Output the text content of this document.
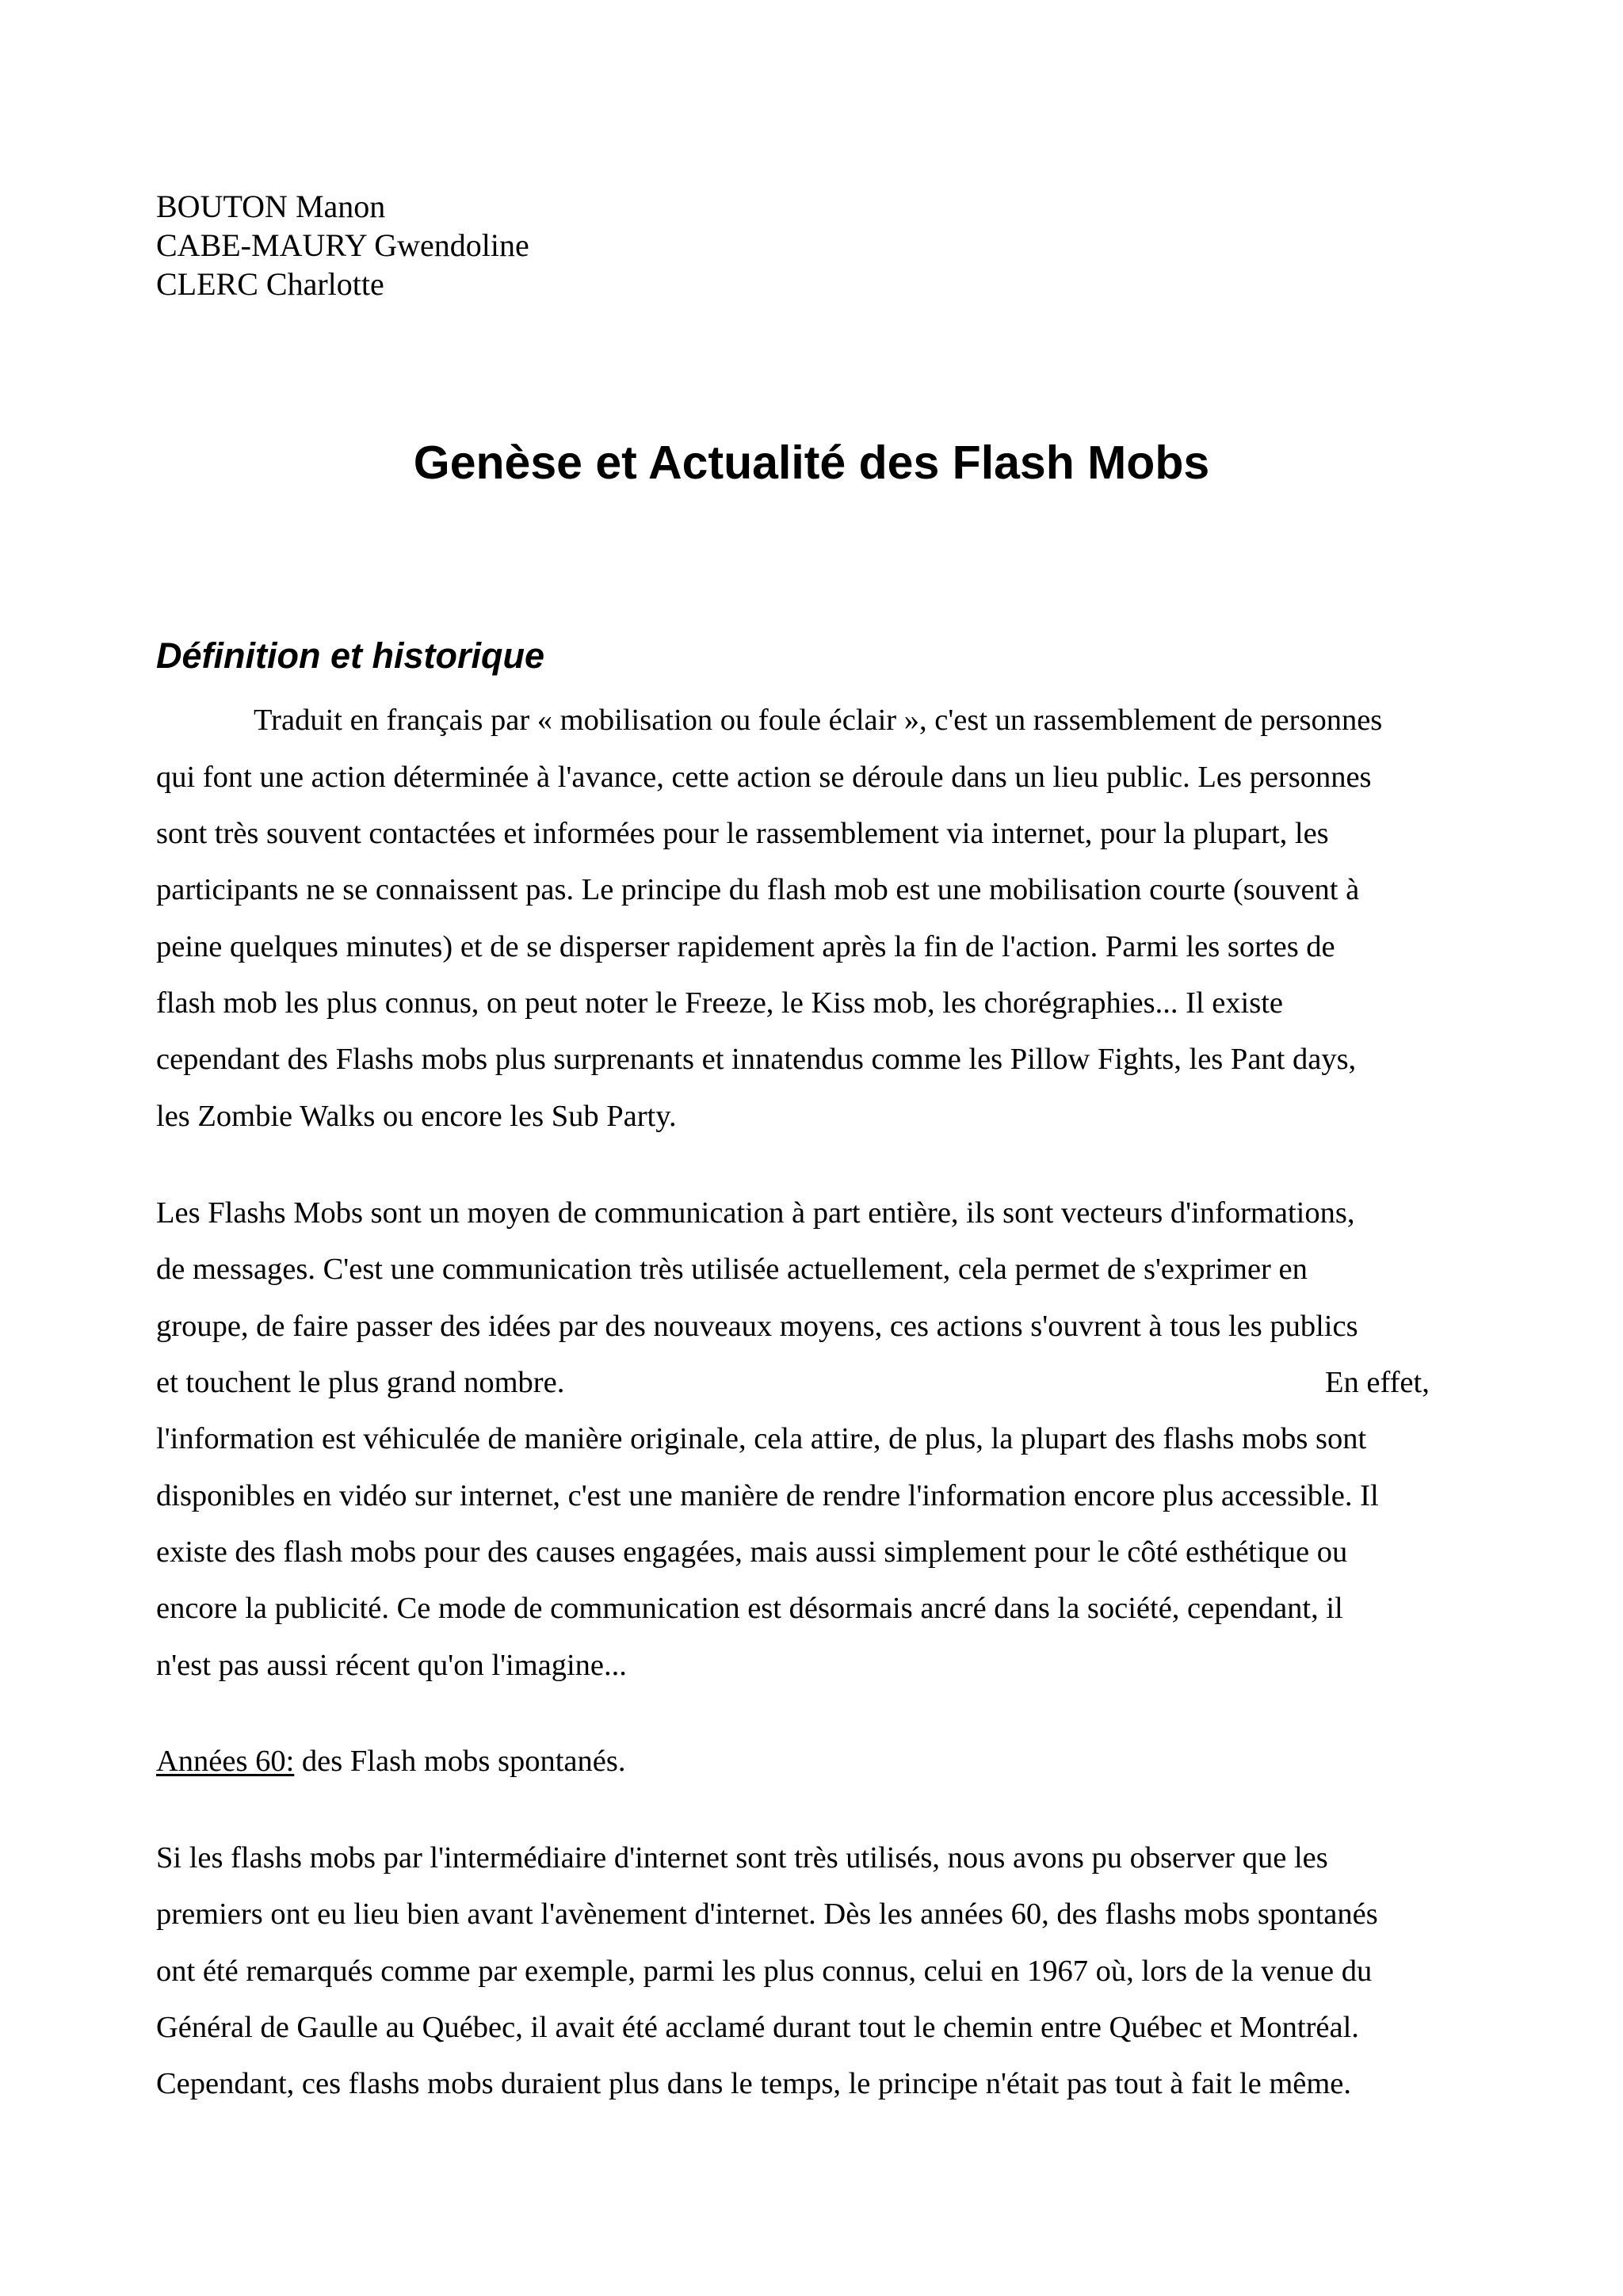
BOUTON Manon
CABE-MAURY Gwendoline
CLERC Charlotte
Genèse et Actualité des Flash Mobs
Définition et historique
Traduit en français par « mobilisation ou foule éclair », c'est un rassemblement de personnes
qui font une action déterminée à l'avance, cette action se déroule dans un lieu public. Les personnes
sont très souvent contactées et informées pour le rassemblement via internet, pour la plupart, les
participants ne se connaissent pas. Le principe du flash mob est une mobilisation courte (souvent à
peine quelques minutes) et de se disperser rapidement après la fin de l'action. Parmi les sortes de
flash mob les plus connus, on peut noter le Freeze, le Kiss mob, les chorégraphies... Il existe
cependant des Flashs mobs plus surprenants et innatendus comme les Pillow Fights, les Pant days,
les Zombie Walks ou encore les Sub Party.
Les Flashs Mobs sont un moyen de communication à part entière, ils sont vecteurs d'informations,
de messages. C'est une communication très utilisée actuellement, cela permet de s'exprimer en
groupe, de faire passer des idées par des nouveaux moyens, ces actions s'ouvrent à tous les publics
et touchent le plus grand nombre.	En effet,
l'information est véhiculée de manière originale, cela attire, de plus, la plupart des flashs mobs sont
disponibles en vidéo sur internet, c'est une manière de rendre l'information encore plus accessible. Il
existe des flash mobs pour des causes engagées, mais aussi simplement pour le côté esthétique ou
encore la publicité. Ce mode de communication est désormais ancré dans la société, cependant, il
n'est pas aussi récent qu'on l'imagine...
Années 60: des Flash mobs spontanés.
Si les flashs mobs par l'intermédiaire d'internet sont très utilisés, nous avons pu observer que les
premiers ont eu lieu bien avant l'avènement d'internet. Dès les années 60, des flashs mobs spontanés
ont été remarqués comme par exemple, parmi les plus connus, celui en 1967 où, lors de la venue du
Général de Gaulle au Québec, il avait été acclamé durant tout le chemin entre Québec et Montréal.
Cependant, ces flashs mobs duraient plus dans le temps, le principe n'était pas tout à fait le même.
